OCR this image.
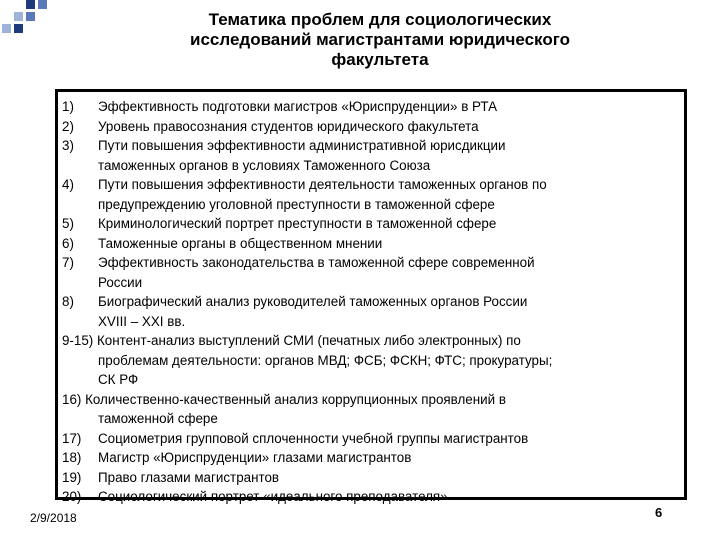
Тематика проблем для социологических
исследований магистрантами юридического
факультета
1)	Эффективность подготовки магистров «Юриспруденции» в РТА
2)	Уровень правосознания студентов юридического факультета
3)	Пути повышения эффективности административной юрисдикции
таможенных органов в условиях Таможенного Союза
4)	Пути повышения эффективности деятельности таможенных органов по
предупреждению уголовной преступности в таможенной сфере
5)	Криминологический портрет преступности в таможенной сфере
6)	Таможенные органы в общественном мнении
7)	Эффективность законодательства в таможенной сфере современной
России
8)	Биографический анализ руководителей таможенных органов России
XVIII – XXI вв.
9-15) Контент-анализ выступлений СМИ (печатных либо электронных) по
проблемам деятельности: органов МВД; ФСБ; ФСКН; ФТС; прокуратуры;
СК РФ
16) Количественно-качественный анализ коррупционных проявлений в
таможенной сфере
17)	Социометрия групповой сплоченности учебной группы магистрантов
18)	Магистр «Юриспруденции» глазами магистрантов
19)	Право глазами магистрантов
20)	Социологический портрет «идеального преподавателя»
2/9/2018	6
